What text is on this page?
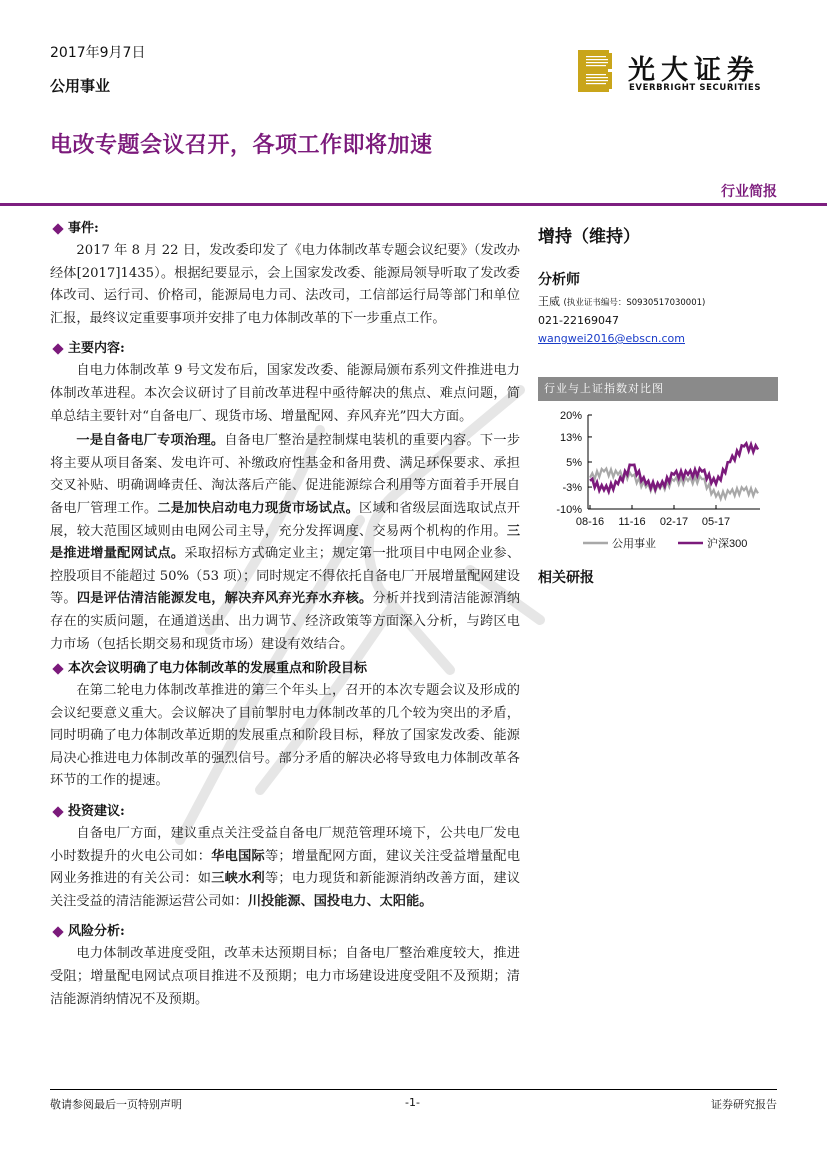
2017年9月7日
公用事业	光大证券
EVERBRIGHT SECURITIES
电改专题会议召开，各项工作即将加速
行业简报
事件:

2017 年 8 月 22 日，发改委印发了《电力体制改革专题会议纪要》（发改办经体[2017]1435）。根据纪要显示，会上国家发改委、能源局领导听取了发改委体改司、运行司、价格司，能源局电力司、法改司，工信部运行局等部门和单位汇报，最终议定重要事项并安排了电力体制改革的下一步重点工作。

主要内容:

自电力体制改革 9 号文发布后，国家发改委、能源局颁布系列文件推进电力体制改革进程。本次会议研讨了目前改革进程中亟待解决的焦点、难点问题，简单总结主要针对“自备电厂、现货市场、增量配网、弃风弃光”四大方面。

一是自备电厂专项治理。自备电厂整治是控制煤电装机的重要内容。下一步将主要从项目备案、发电许可、补缴政府性基金和备用费、满足环保要求、承担交叉补贴、明确调峰责任、淘汰落后产能、促进能源综合利用等方面着手开展自备电厂管理工作。二是加快启动电力现货市场试点。区域和省级层面选取试点开展，较大范围区域则由电网公司主导，充分发挥调度、交易两个机构的作用。三是推进增量配网试点。采取招标方式确定业主；规定第一批项目中电网企业参、控股项目不能超过 50%（53 项）；同时规定不得依托自备电厂开展增量配网建设等。四是评估清洁能源发电，解决弃风弃光弃水弃核。分析并找到清洁能源消纳存在的实质问题，在通道送出、出力调节、经济政策等方面深入分析，与跨区电力市场（包括长期交易和现货市场）建设有效结合。

本次会议明确了电力体制改革的发展重点和阶段目标

在第二轮电力体制改革推进的第三个年头上，召开的本次专题会议及形成的会议纪要意义重大。会议解决了目前掣肘电力体制改革的几个较为突出的矛盾，同时明确了电力体制改革近期的发展重点和阶段目标，释放了国家发改委、能源局决心推进电力体制改革的强烈信号。部分矛盾的解决必将导致电力体制改革各环节的工作的提速。

投资建议:

自备电厂方面，建议重点关注受益自备电厂规范管理环境下，公共电厂发电小时数提升的火电公司如：华电国际等；增量配网方面，建议关注受益增量配电网业务推进的有关公司：如三峡水利等；电力现货和新能源消纳改善方面，建议关注受益的清洁能源运营公司如：川投能源、国投电力、太阳能。

风险分析:

电力体制改革进度受阻，改革未达预期目标；自备电厂整治难度较大，推进受阻；增量配电网试点项目推进不及预期；电力市场建设进度受阻不及预期；清洁能源消纳情况不及预期。

增持（维持）
分析师
王威 (执业证书编号：S0930517030001)
021-22169047
wangwei2016@ebscn.com
行业与上证指数对比图
20%
13%
5%
-3%
-10%
08-16 11-16 02-17 05-17
公用事业	沪深300
相关研报
敬请参阅最后一页特别声明	-1-	证券研究报告
